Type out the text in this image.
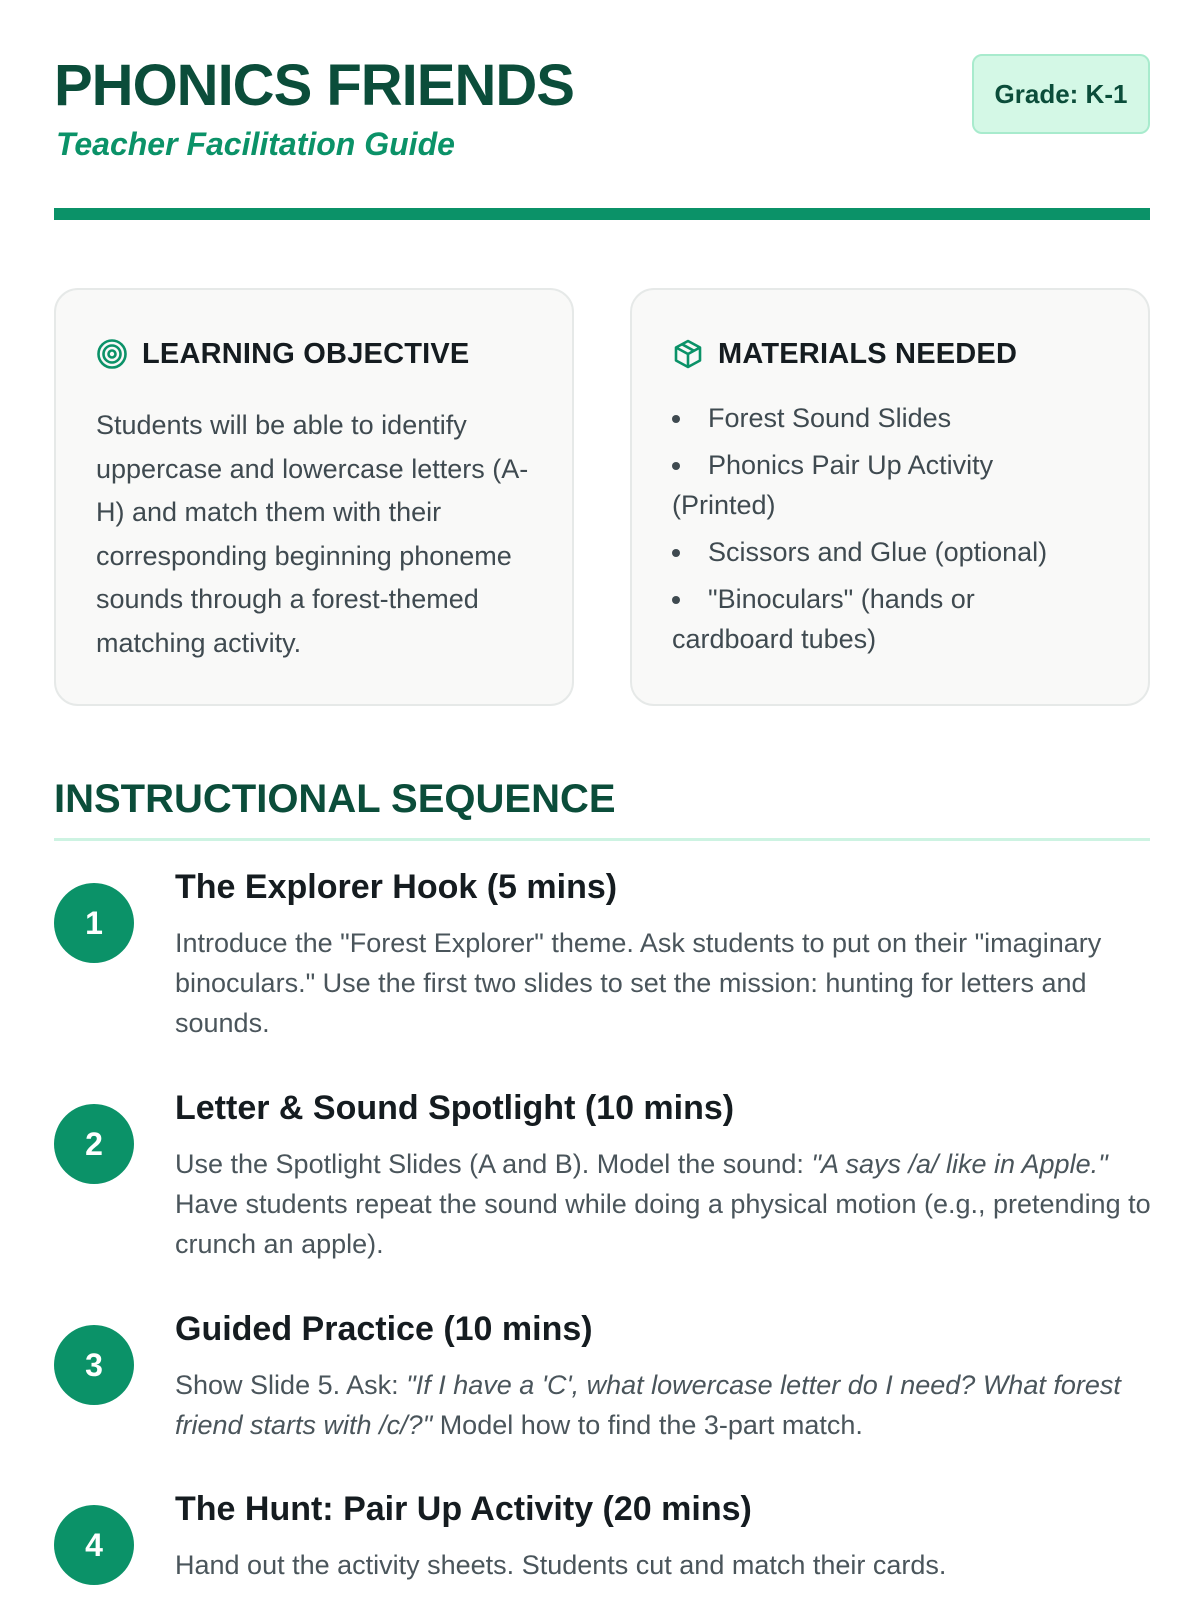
PHONICS FRIENDS
Teacher Facilitation Guide
Grade: K-1
LEARNING OBJECTIVE

Students will be able to identify uppercase and lowercase letters (A-H) and match them with their corresponding beginning phoneme sounds through a forest-themed matching activity.

MATERIALS NEEDED
Forest Sound Slides
Phonics Pair Up Activity (Printed)
Scissors and Glue (optional)
"Binoculars" (hands or cardboard tubes)
INSTRUCTIONAL SEQUENCE
1
The Explorer Hook (5 mins)

Introduce the "Forest Explorer" theme. Ask students to put on their "imaginary binoculars." Use the first two slides to set the mission: hunting for letters and sounds.

2
Letter & Sound Spotlight (10 mins)

Use the Spotlight Slides (A and B). Model the sound: "A says /a/ like in Apple." Have students repeat the sound while doing a physical motion (e.g., pretending to crunch an apple).

3
Guided Practice (10 mins)

Show Slide 5. Ask: "If I have a 'C', what lowercase letter do I need? What forest friend starts with /c/?" Model how to find the 3-part match.

4
The Hunt: Pair Up Activity (20 mins)

Hand out the activity sheets. Students cut and match their cards.
